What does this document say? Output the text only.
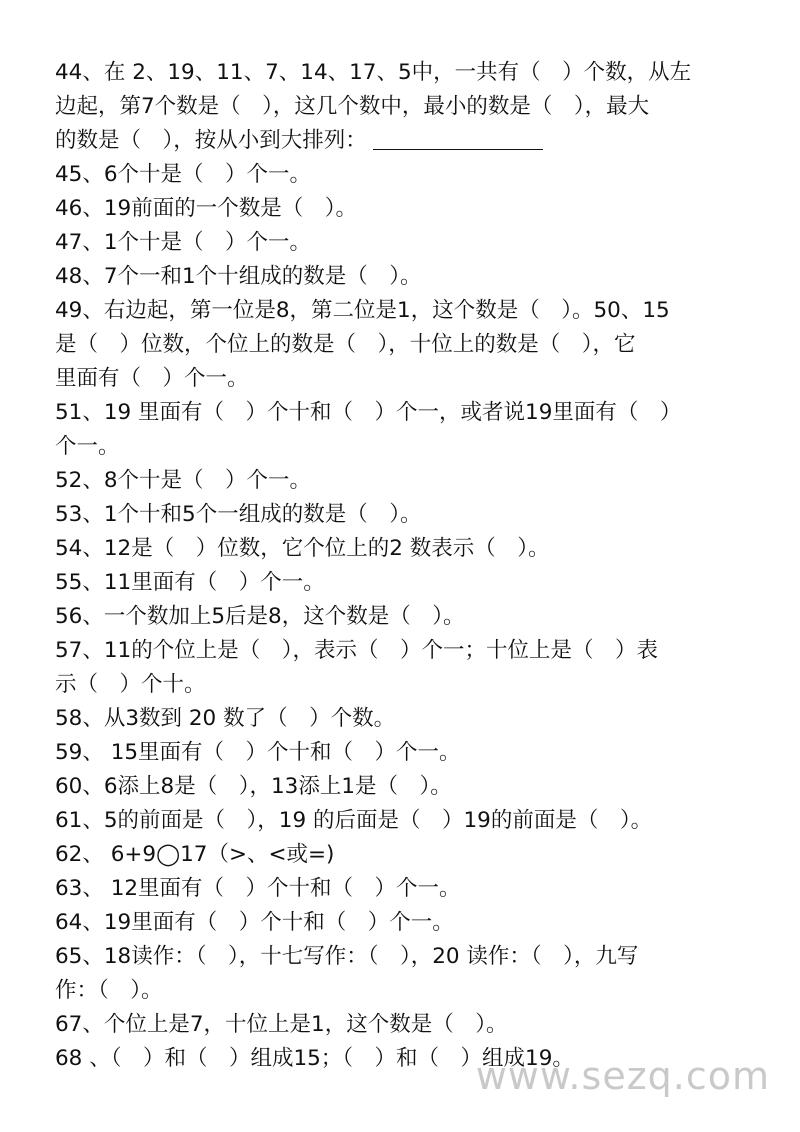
44、在 2、19、11、7、14、17、5中，一共有（　）个数，从左
边起，第7个数是（　），这几个数中，最小的数是（　），最大
的数是（　），按从小到大排列：
45、6个十是（　）个一。
46、19前面的一个数是（　）。
47、1个十是（　）个一。
48、7个一和1个十组成的数是（　）。
49、右边起，第一位是8，第二位是1，这个数是（　）。50、15
是（　）位数，个位上的数是（　），十位上的数是（　），它
里面有（　）个一。
51、19 里面有（　）个十和（　）个一，或者说19里面有（　）
个一。
52、8个十是（　）个一。
53、1个十和5个一组成的数是（　）。
54、12是（　）位数，它个位上的2 数表示（　）。
55、11里面有（　）个一。
56、一个数加上5后是8，这个数是（　）。
57、11的个位上是（　），表示（　）个一；十位上是（　）表
示（　）个十。
58、从3数到 20 数了（　）个数。
59、 15里面有（　）个十和（　）个一。
60、6添上8是（　），13添上1是（　）。
61、5的前面是（　），19 的后面是（　）19的前面是（　）。
62、 6+9◯17（>、<或=)
63、 12里面有（　）个十和（　）个一。
64、19里面有（　）个十和（　）个一。
65、18读作：（　），十七写作：（　），20 读作：（　），九写
作：（　）。
67、个位上是7，十位上是1，这个数是（　）。
68 、（　）和（　）组成15；（　）和（　）组成19。
www.sezq.com
